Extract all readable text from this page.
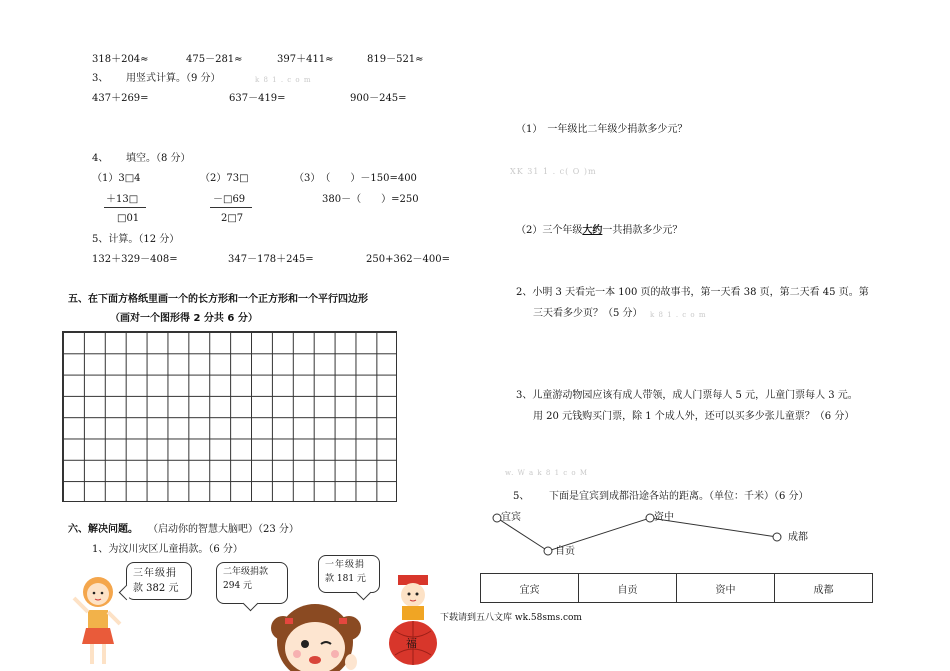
318＋204≈	475－281≈	397＋411≈	819－521≈
3、 用竖式计算。（9 分）	k 8 1 . c o m
437＋269=	637－419=	900－245=
4、 填空。（8 分）
（1）3□4
＋13□
□01
（2）73□
－□69
2□7
（3）　（　　）－150=400
380－（　　）=250
5、计算。（12 分）
132＋329－408=	347－178＋245=	250+362－400=
五、在下面方格纸里画一个的长方形和一个正方形和一个平行四边形
（画对一个图形得 2 分共 6 分）
六、解决问题。 （启动你的智慧大脑吧）（23 分）
1、为汶川灾区儿童捐款。（6 分）
三年级捐
款 382 元
二年级捐款
294 元
一年级捐
款 181 元
福
（1）　一年级比二年级少捐款多少元？
XK 31 1 . c( O )m
（2）三个年级大约一共捐款多少元？
2、小明 3 天看完一本 100 页的故事书，第一天看 38 页，第二天看 45 页。第
三天看多少页？（5 分） k 8 1 . c o m
3、儿童游动物园应该有成人带领，成人门票每人 5 元，儿童门票每人 3 元。
用 20 元钱购买门票，除 1 个成人外，还可以买多少张儿童票？（6 分）
w. W a k 8 1 c o M
5、 下面是宜宾到成都沿途各站的距离。（单位：千米）（6 分）
宜宾
自贡
资中
成都
宜宾	自贡	资中	成都
下载请到五八文库 wk.58sms.com
